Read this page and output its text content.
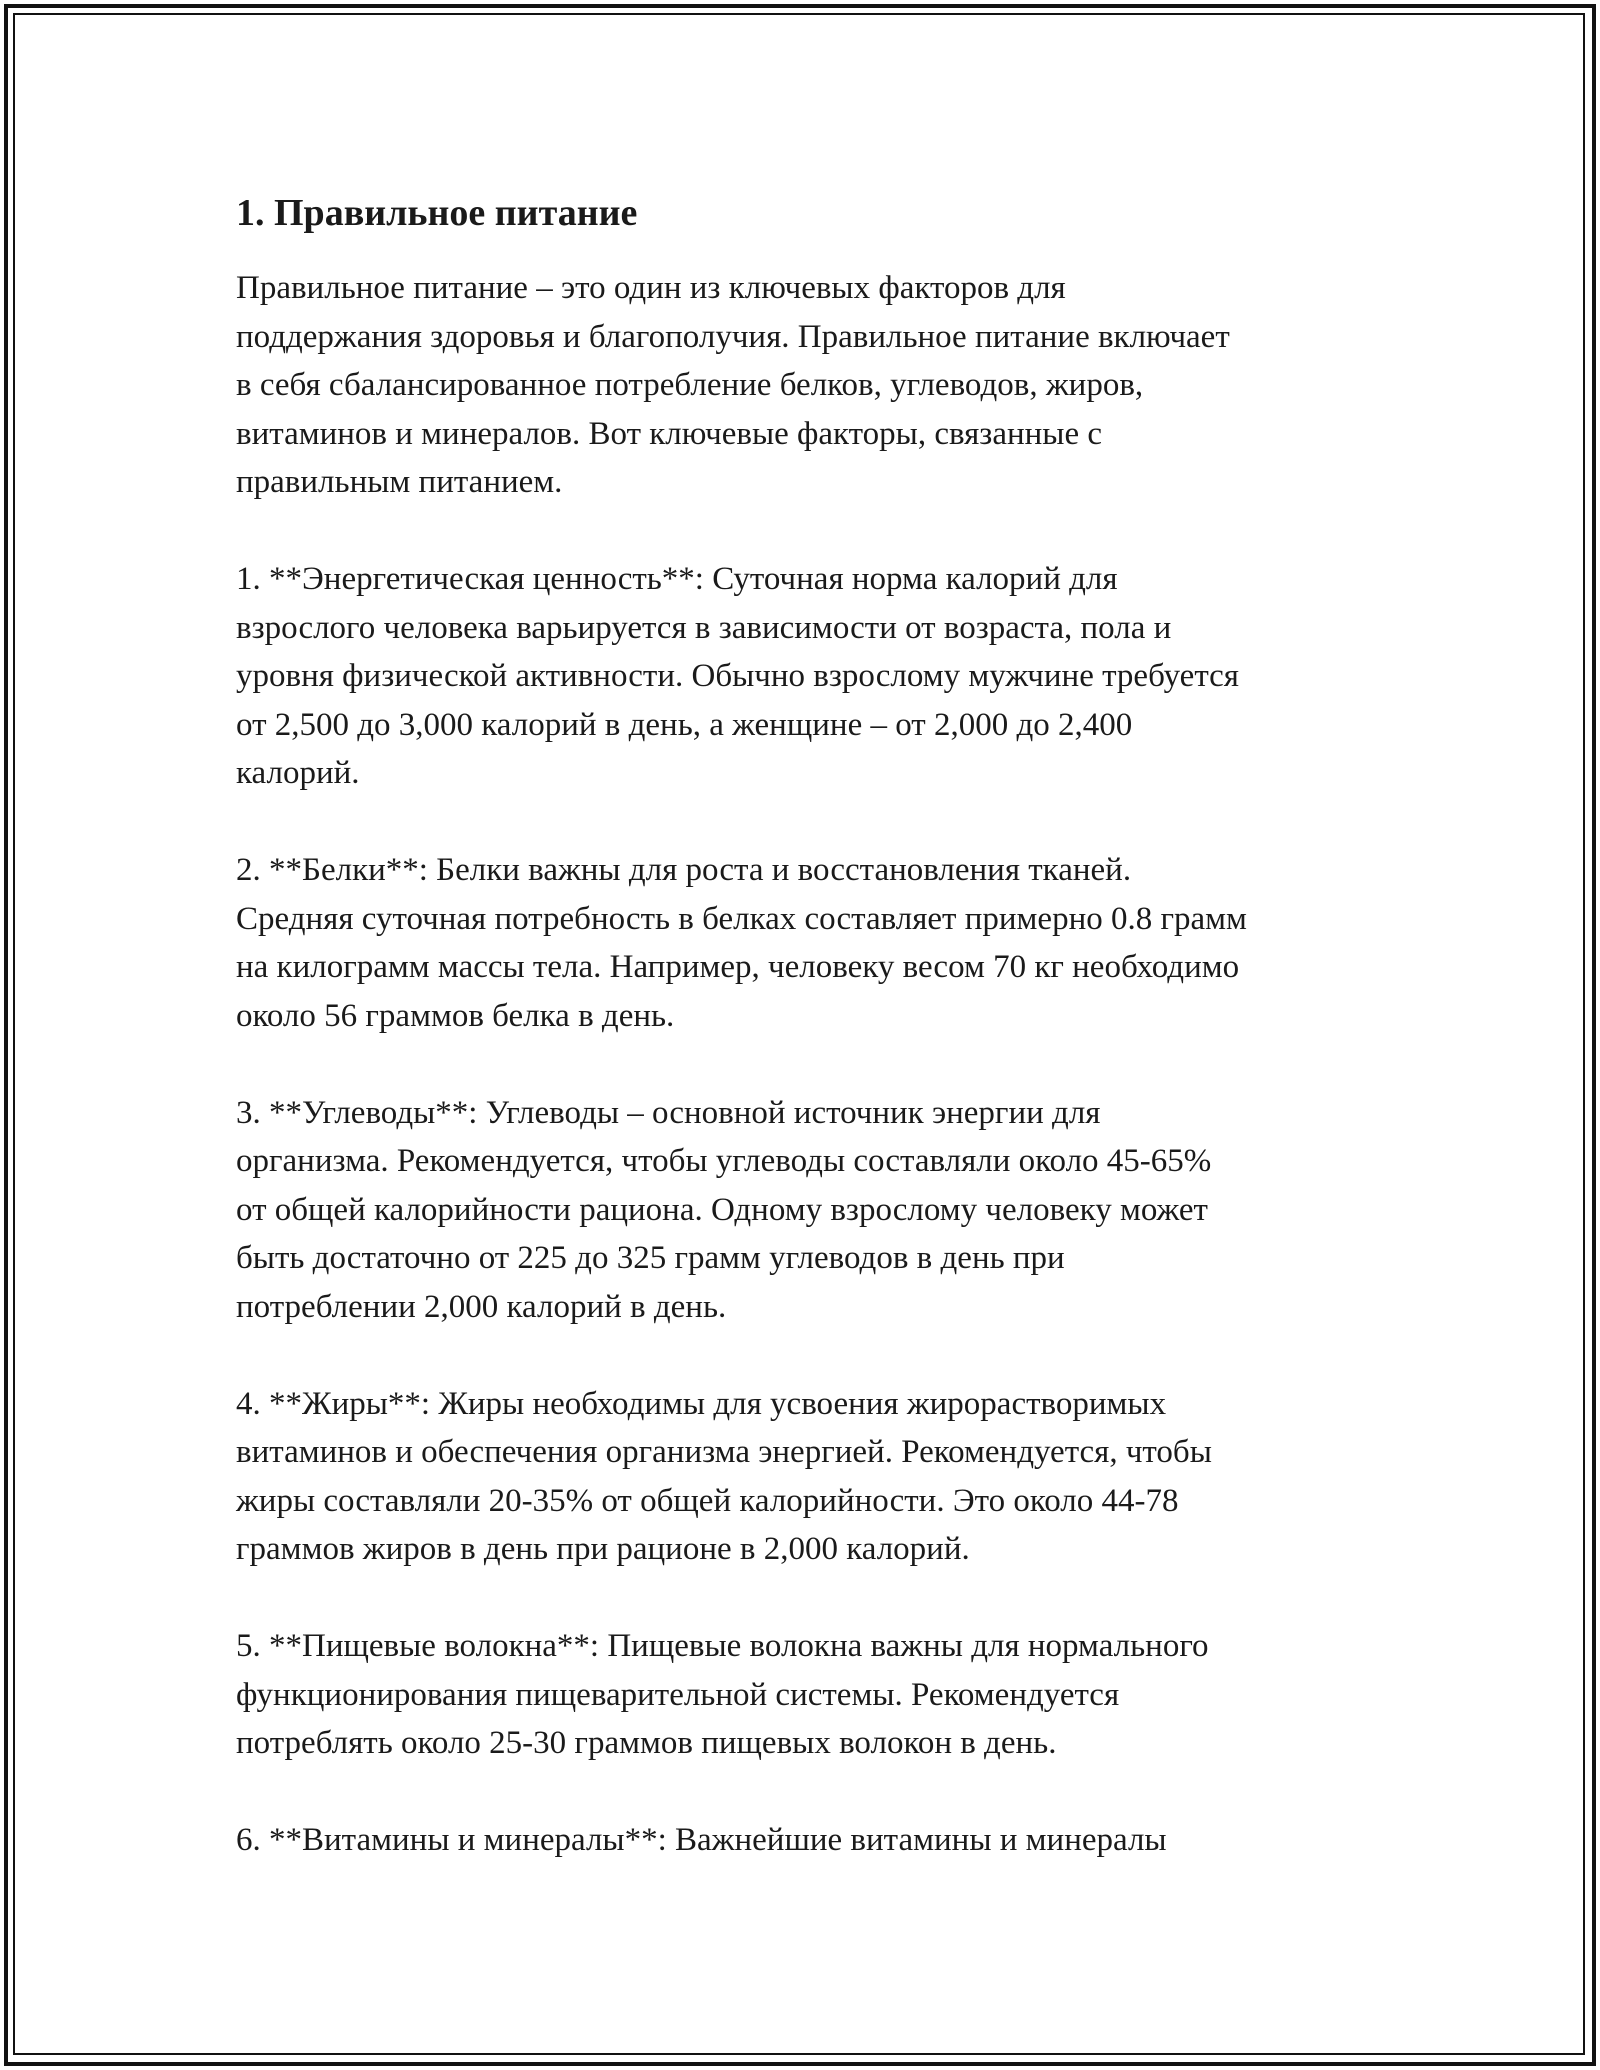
1. Правильное питание
Правильное питание – это один из ключевых факторов для
поддержания здоровья и благополучия. Правильное питание включает
в себя сбалансированное потребление белков, углеводов, жиров,
витаминов и минералов. Вот ключевые факторы, связанные с
правильным питанием.
1. **Энергетическая ценность**: Суточная норма калорий для
взрослого человека варьируется в зависимости от возраста, пола и
уровня физической активности. Обычно взрослому мужчине требуется
от 2,500 до 3,000 калорий в день, а женщине – от 2,000 до 2,400
калорий.
2. **Белки**: Белки важны для роста и восстановления тканей.
Средняя суточная потребность в белках составляет примерно 0.8 грамм
на килограмм массы тела. Например, человеку весом 70 кг необходимо
около 56 граммов белка в день.
3. **Углеводы**: Углеводы – основной источник энергии для
организма. Рекомендуется, чтобы углеводы составляли около 45-65%
от общей калорийности рациона. Одному взрослому человеку может
быть достаточно от 225 до 325 грамм углеводов в день при
потреблении 2,000 калорий в день.
4. **Жиры**: Жиры необходимы для усвоения жирорастворимых
витаминов и обеспечения организма энергией. Рекомендуется, чтобы
жиры составляли 20-35% от общей калорийности. Это около 44-78
граммов жиров в день при рационе в 2,000 калорий.
5. **Пищевые волокна**: Пищевые волокна важны для нормального
функционирования пищеварительной системы. Рекомендуется
потреблять около 25-30 граммов пищевых волокон в день.
6. **Витамины и минералы**: Важнейшие витамины и минералы
